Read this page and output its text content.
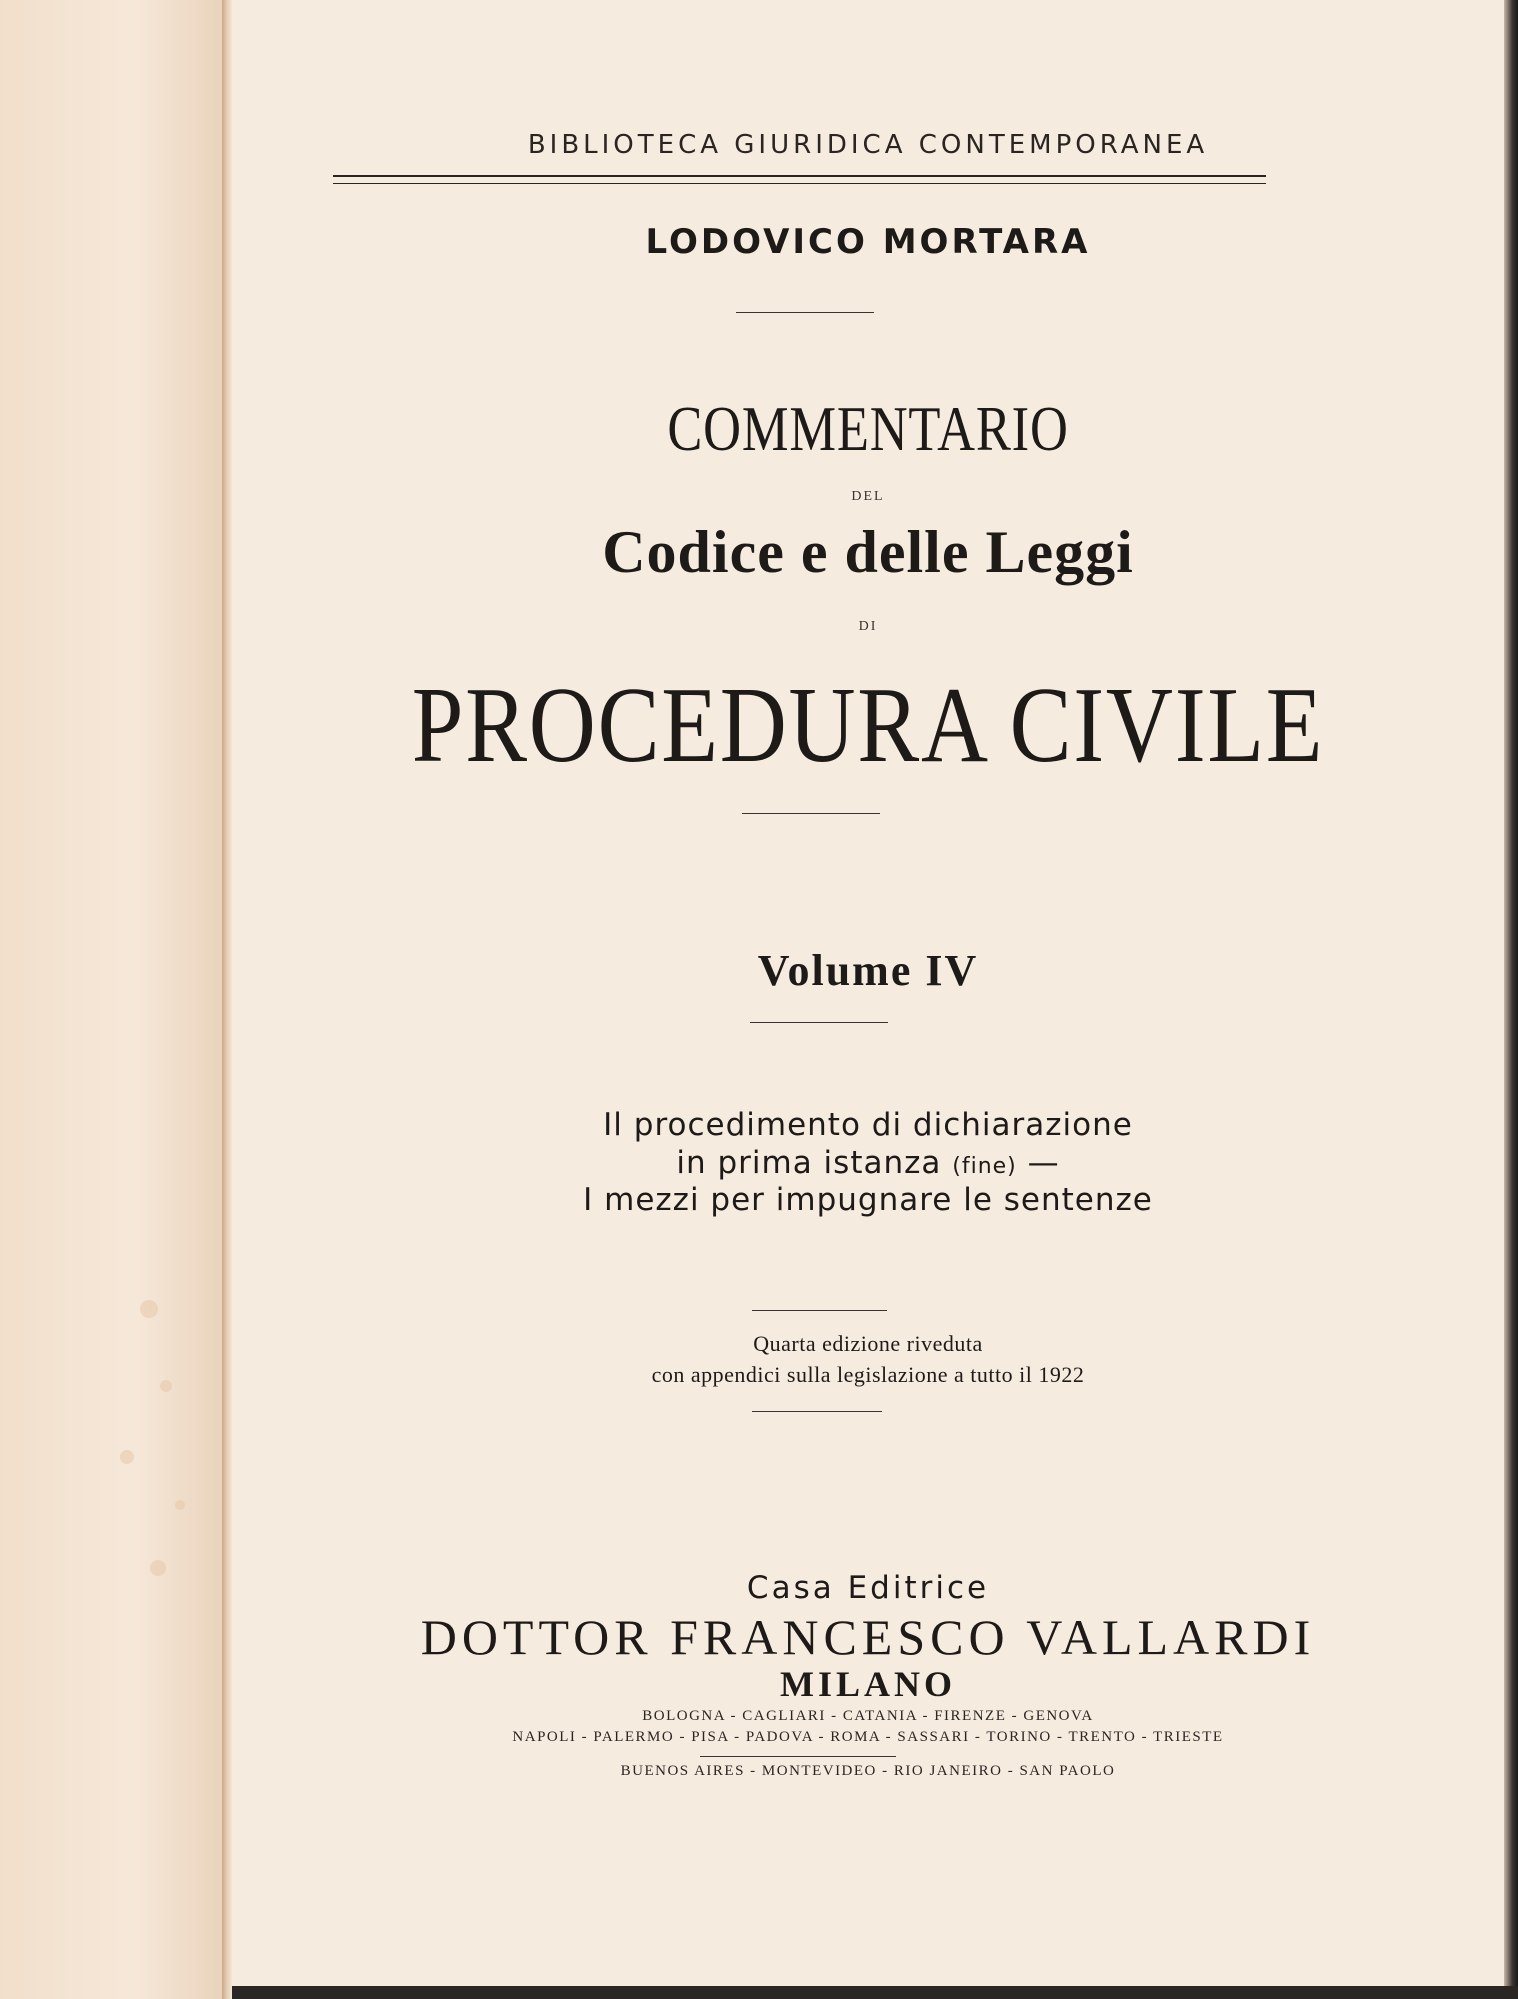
BIBLIOTECA GIURIDICA CONTEMPORANEA
LODOVICO MORTARA
COMMENTARIO
DEL
Codice e delle Leggi
DI
PROCEDURA CIVILE
Volume IV
Il procedimento di dichiarazione
in prima istanza (fine) —
I mezzi per impugnare le sentenze
Quarta edizione riveduta
con appendici sulla legislazione a tutto il 1922
Casa Editrice
DOTTOR FRANCESCO VALLARDI
MILANO
BOLOGNA - CAGLIARI - CATANIA - FIRENZE - GENOVA
NAPOLI - PALERMO - PISA - PADOVA - ROMA - SASSARI - TORINO - TRENTO - TRIESTE
BUENOS AIRES - MONTEVIDEO - RIO JANEIRO - SAN PAOLO
